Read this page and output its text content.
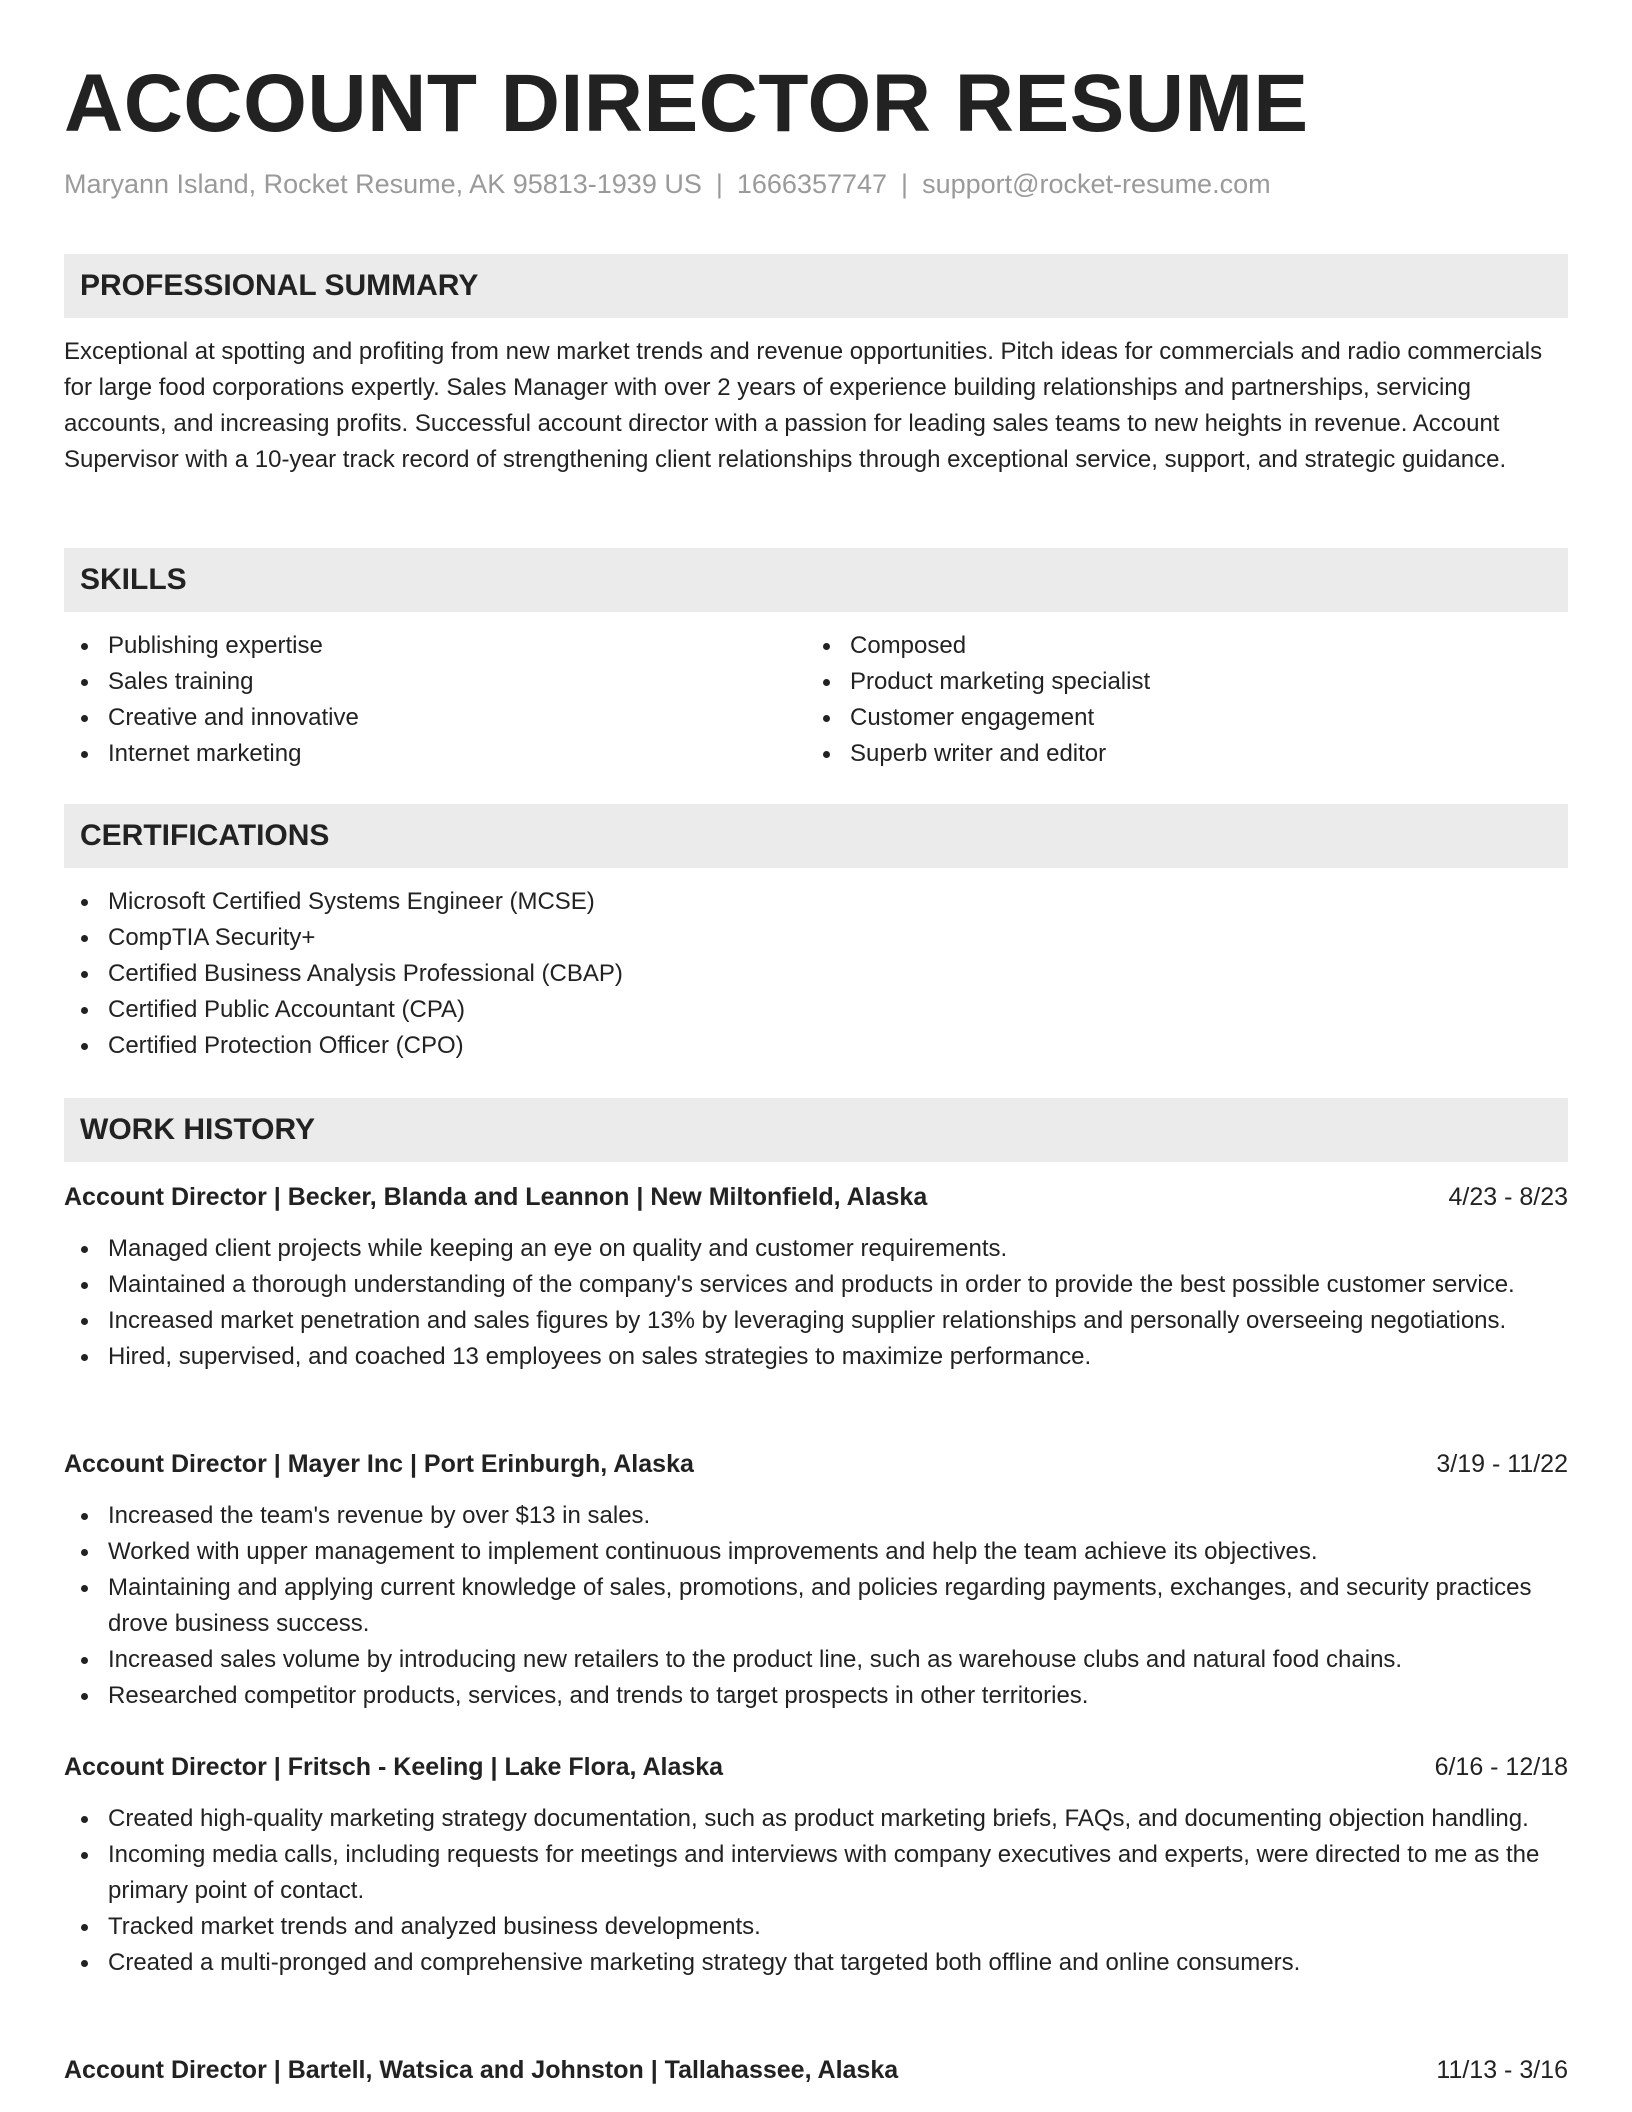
ACCOUNT DIRECTOR RESUME
Maryann Island, Rocket Resume, AK 95813-1939 US | 1666357747 | support@rocket-resume.com
PROFESSIONAL SUMMARY

Exceptional at spotting and profiting from new market trends and revenue opportunities. Pitch ideas for commercials and radio commercials for large food corporations expertly. Sales Manager with over 2 years of experience building relationships and partnerships, servicing accounts, and increasing profits. Successful account director with a passion for leading sales teams to new heights in revenue. Account Supervisor with a 10-year track record of strengthening client relationships through exceptional service, support, and strategic guidance.

SKILLS
Publishing expertise
Sales training
Creative and innovative
Internet marketing
Composed
Product marketing specialist
Customer engagement
Superb writer and editor
CERTIFICATIONS
Microsoft Certified Systems Engineer (MCSE)
CompTIA Security+
Certified Business Analysis Professional (CBAP)
Certified Public Accountant (CPA)
Certified Protection Officer (CPO)
WORK HISTORY
Account Director | Becker, Blanda and Leannon | New Miltonfield, Alaska	4/23 - 8/23
Managed client projects while keeping an eye on quality and customer requirements.
Maintained a thorough understanding of the company's services and products in order to provide the best possible customer service.
Increased market penetration and sales figures by 13% by leveraging supplier relationships and personally overseeing negotiations.
Hired, supervised, and coached 13 employees on sales strategies to maximize performance.
Account Director | Mayer Inc | Port Erinburgh, Alaska	3/19 - 11/22
Increased the team's revenue by over $13 in sales.
Worked with upper management to implement continuous improvements and help the team achieve its objectives.
Maintaining and applying current knowledge of sales, promotions, and policies regarding payments, exchanges, and security practices drove business success.
Increased sales volume by introducing new retailers to the product line, such as warehouse clubs and natural food chains.
Researched competitor products, services, and trends to target prospects in other territories.
Account Director | Fritsch - Keeling | Lake Flora, Alaska	6/16 - 12/18
Created high-quality marketing strategy documentation, such as product marketing briefs, FAQs, and documenting objection handling.
Incoming media calls, including requests for meetings and interviews with company executives and experts, were directed to me as the primary point of contact.
Tracked market trends and analyzed business developments.
Created a multi-pronged and comprehensive marketing strategy that targeted both offline and online consumers.
Account Director | Bartell, Watsica and Johnston | Tallahassee, Alaska	11/13 - 3/16
